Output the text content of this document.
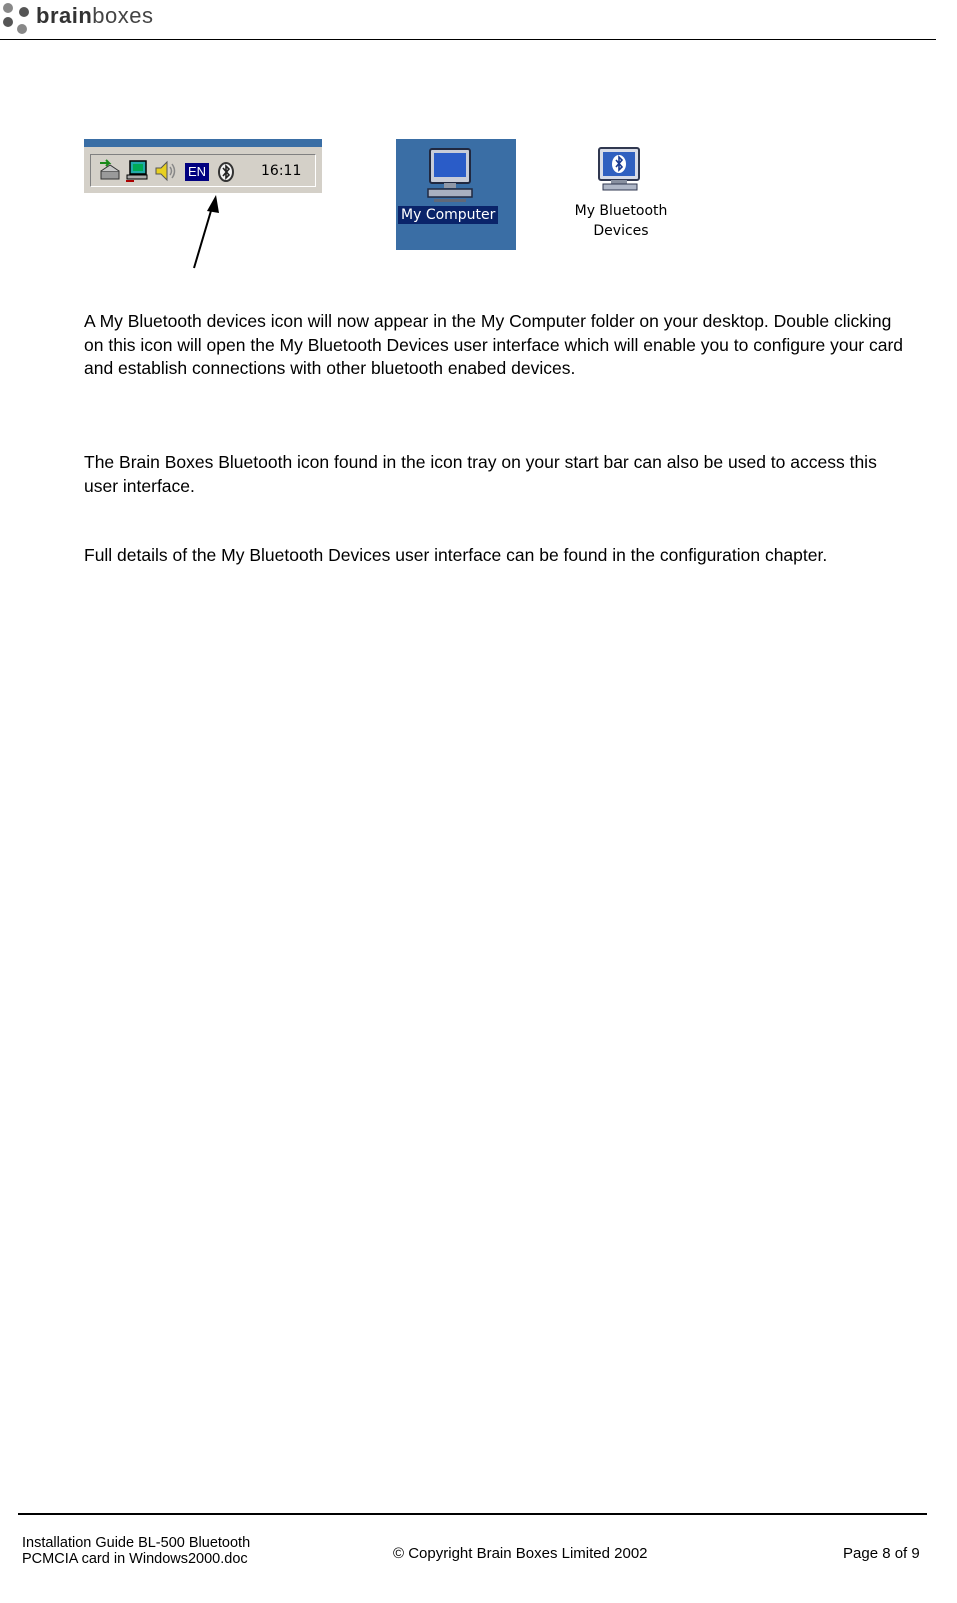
brainboxes
EN	16:11
My Computer	My Bluetooth
Devices

A My Bluetooth devices icon will now appear in the My Computer folder on your desktop. Double clicking on this icon will open the My Bluetooth Devices user interface which will enable you to configure your card and establish connections with other bluetooth enabed devices.

The Brain Boxes Bluetooth icon found in the icon tray on your start bar can also be used to access this user interface.

Full details of the My Bluetooth Devices user interface can be found in the configuration chapter.

Installation Guide BL-500 Bluetooth PCMCIA card in Windows2000.doc	© Copyright Brain Boxes Limited 2002	Page 8 of 9
